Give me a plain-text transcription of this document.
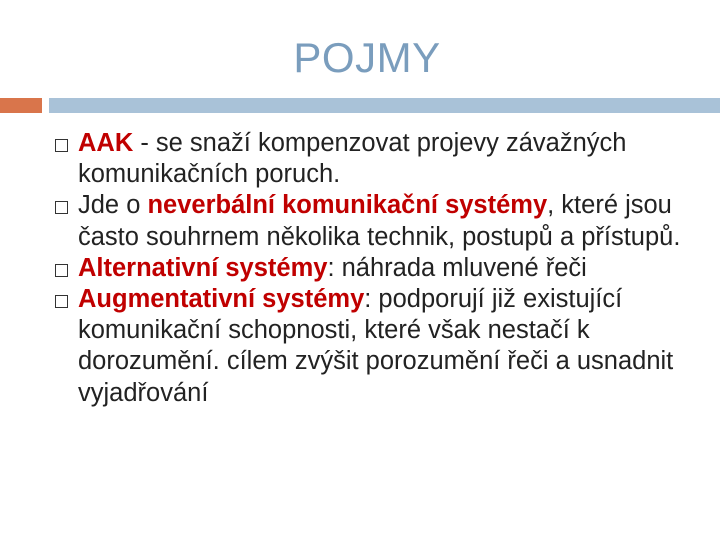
POJMY
AAK - se snaží kompenzovat projevy závažných komunikačních poruch.
Jde o neverbální komunikační systémy, které jsou často souhrnem několika technik, postupů a přístupů.
Alternativní systémy: náhrada mluvené řeči
Augmentativní systémy: podporují již existující komunikační schopnosti, které však nestačí k dorozumění. cílem zvýšit porozumění řeči a usnadnit vyjadřování
